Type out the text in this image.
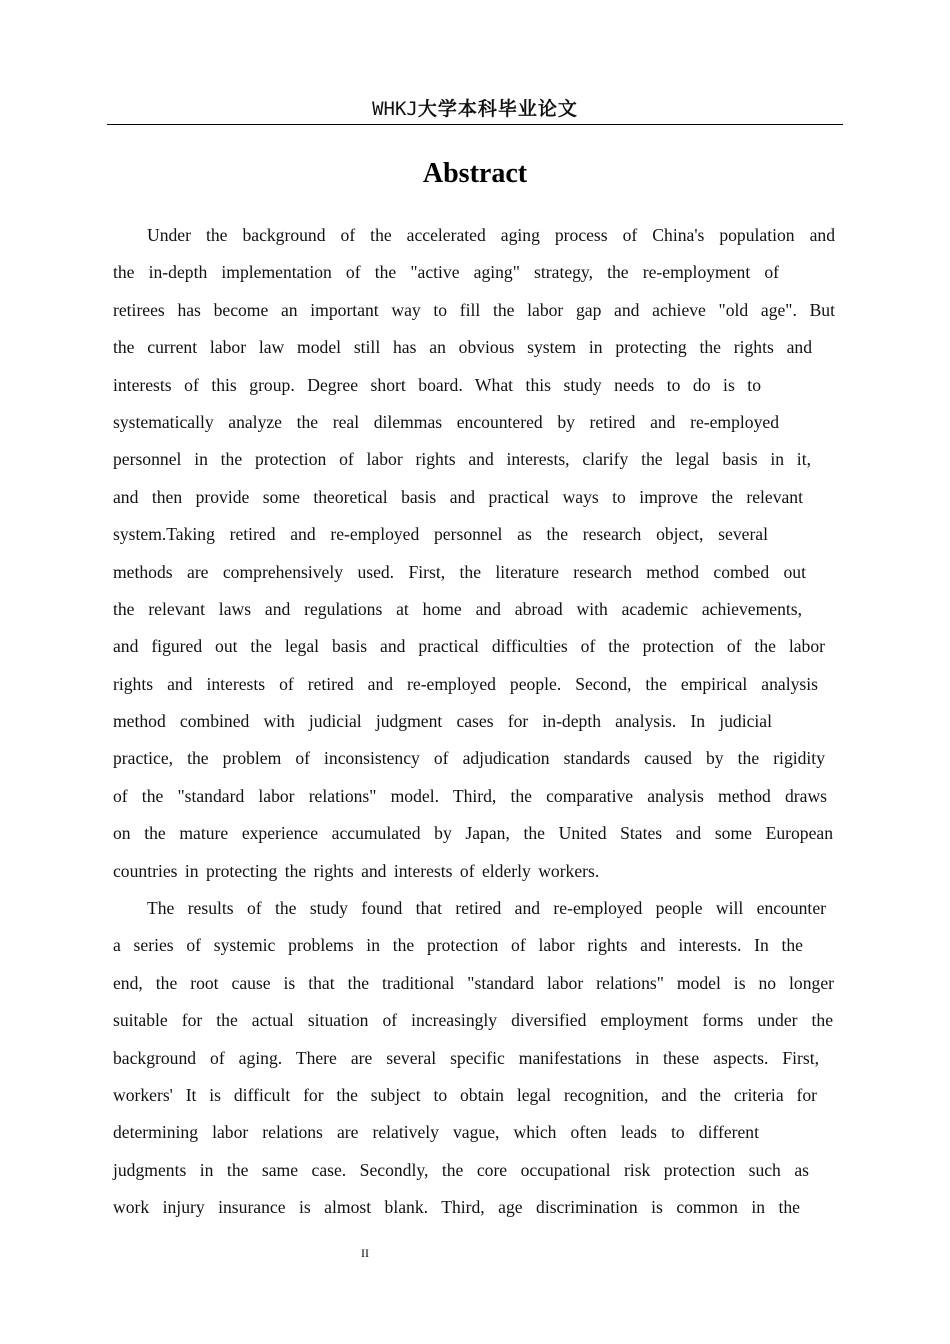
WHKJ大学本科毕业论文
Abstract
Under the background of the accelerated aging process of China's population and
the in-depth implementation of the "active aging" strategy, the re-employment of
retirees has become an important way to fill the labor gap and achieve "old age". But
the current labor law model still has an obvious system in protecting the rights and
interests of this group. Degree short board. What this study needs to do is to
systematically analyze the real dilemmas encountered by retired and re-employed
personnel in the protection of labor rights and interests, clarify the legal basis in it,
and then provide some theoretical basis and practical ways to improve the relevant
system.Taking retired and re-employed personnel as the research object, several
methods are comprehensively used. First, the literature research method combed out
the relevant laws and regulations at home and abroad with academic achievements,
and figured out the legal basis and practical difficulties of the protection of the labor
rights and interests of retired and re-employed people. Second, the empirical analysis
method combined with judicial judgment cases for in-depth analysis. In judicial
practice, the problem of inconsistency of adjudication standards caused by the rigidity
of the "standard labor relations" model. Third, the comparative analysis method draws
on the mature experience accumulated by Japan, the United States and some European
countries in protecting the rights and interests of elderly workers.
The results of the study found that retired and re-employed people will encounter
a series of systemic problems in the protection of labor rights and interests. In the
end, the root cause is that the traditional "standard labor relations" model is no longer
suitable for the actual situation of increasingly diversified employment forms under the
background of aging. There are several specific manifestations in these aspects. First,
workers' It is difficult for the subject to obtain legal recognition, and the criteria for
determining labor relations are relatively vague, which often leads to different
judgments in the same case. Secondly, the core occupational risk protection such as
work injury insurance is almost blank. Third, age discrimination is common in the
II
